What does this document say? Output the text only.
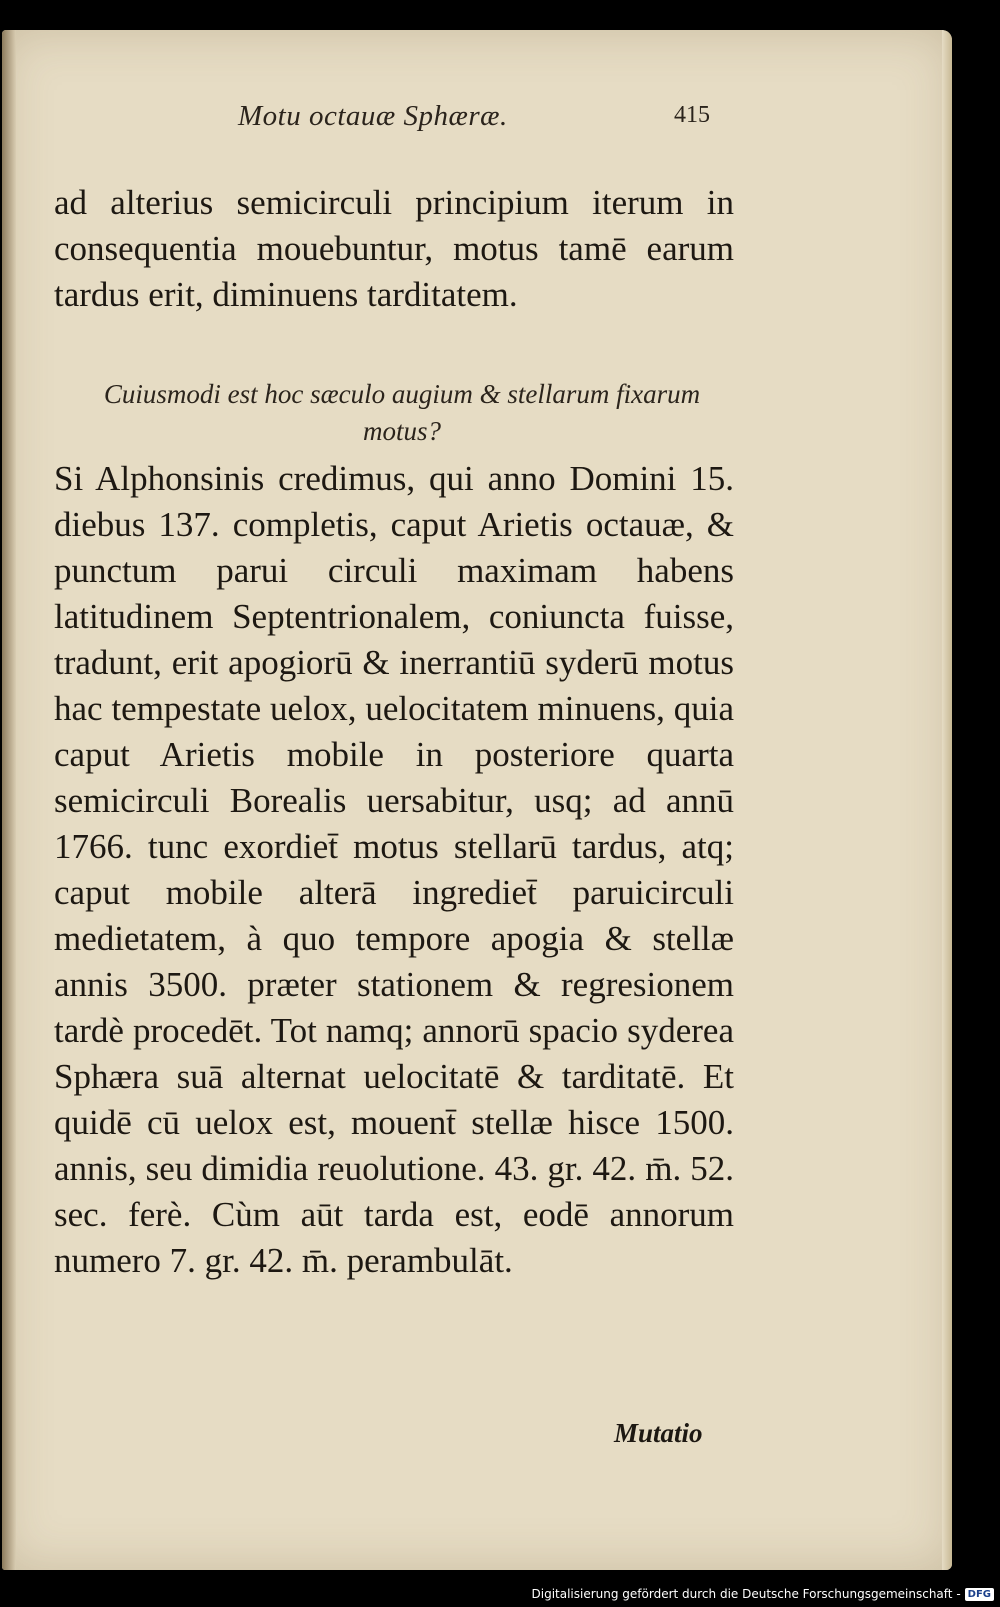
Motu octauæ Sphæræ.	415

ad alterius semicirculi principium iterum in consequentia mouebuntur, motus tamē earum tardus erit, diminuens tarditatem.

Cuiusmodi est hoc sæculo augium & stellarum fixarum motus?

Si Alphonsinis credimus, qui anno Domini 15. diebus 137. completis, caput Arietis octauæ, & punctum parui circuli maximam habens latitudinem Septentrionalem, coniuncta fuisse, tradunt, erit apogiorū & inerrantiū syderū motus hac tempestate uelox, uelocitatem minuens, quia caput Arietis mobile in posteriore quarta semicirculi Borealis uersabitur, usq; ad annū 1766. tunc exordiet̄ motus stellarū tardus, atq; caput mobile alterā ingrediet̄ paruicirculi medietatem, à quo tempore apogia & stellæ annis 3500. præter stationem & regresionem tardè procedēt. Tot namq; annorū spacio syderea Sphæra suā alternat uelocitatē & tarditatē. Et quidē cū uelox est, mouent̄ stellæ hisce 1500. annis, seu dimidia reuolutione. 43. gr. 42. m̄. 52. sec. ferè. Cùm aūt tarda est, eodē annorum numero 7. gr. 42. m̄. perambulāt.

Mutatio
Digitalisierung gefördert durch die Deutsche Forschungsgemeinschaft - DFG
